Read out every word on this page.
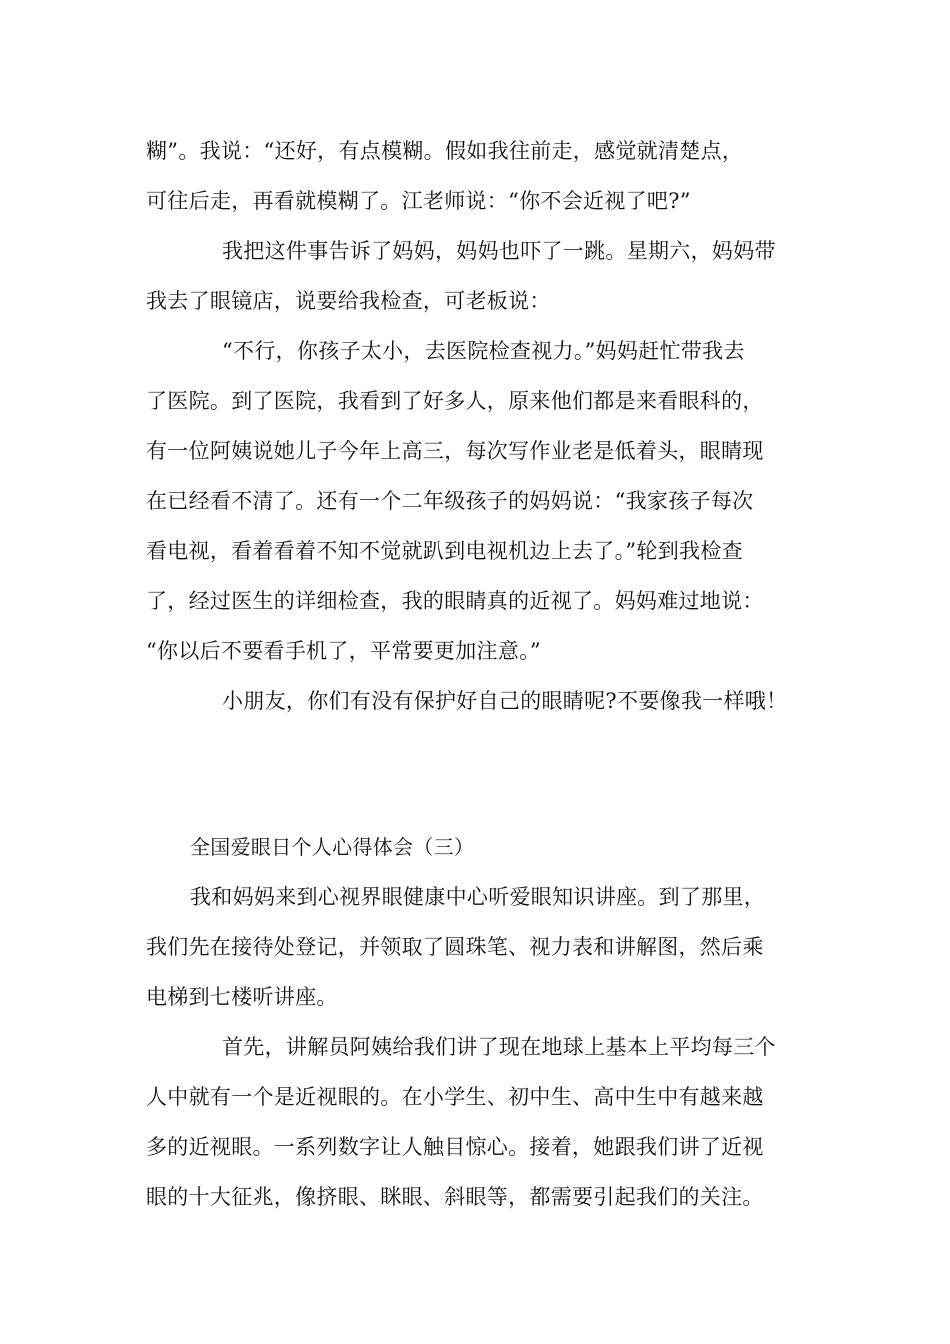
糊”。我说：“还好，有点模糊。假如我往前走，感觉就清楚点，
可往后走，再看就模糊了。江老师说：“你不会近视了吧?”
我把这件事告诉了妈妈，妈妈也吓了一跳。星期六，妈妈带
我去了眼镜店，说要给我检查，可老板说：
“不行，你孩子太小，去医院检查视力。”妈妈赶忙带我去
了医院。到了医院，我看到了好多人，原来他们都是来看眼科的，
有一位阿姨说她儿子今年上高三，每次写作业老是低着头，眼睛现
在已经看不清了。还有一个二年级孩子的妈妈说：“我家孩子每次
看电视，看着看着不知不觉就趴到电视机边上去了。”轮到我检查
了，经过医生的详细检查，我的眼睛真的近视了。妈妈难过地说：
“你以后不要看手机了，平常要更加注意。”
小朋友，你们有没有保护好自己的眼睛呢?不要像我一样哦！
全国爱眼日个人心得体会（三）
我和妈妈来到心视界眼健康中心听爱眼知识讲座。到了那里，
我们先在接待处登记，并领取了圆珠笔、视力表和讲解图，然后乘
电梯到七楼听讲座。
首先，讲解员阿姨给我们讲了现在地球上基本上平均每三个
人中就有一个是近视眼的。在小学生、初中生、高中生中有越来越
多的近视眼。一系列数字让人触目惊心。接着，她跟我们讲了近视
眼的十大征兆，像挤眼、眯眼、斜眼等，都需要引起我们的关注。
